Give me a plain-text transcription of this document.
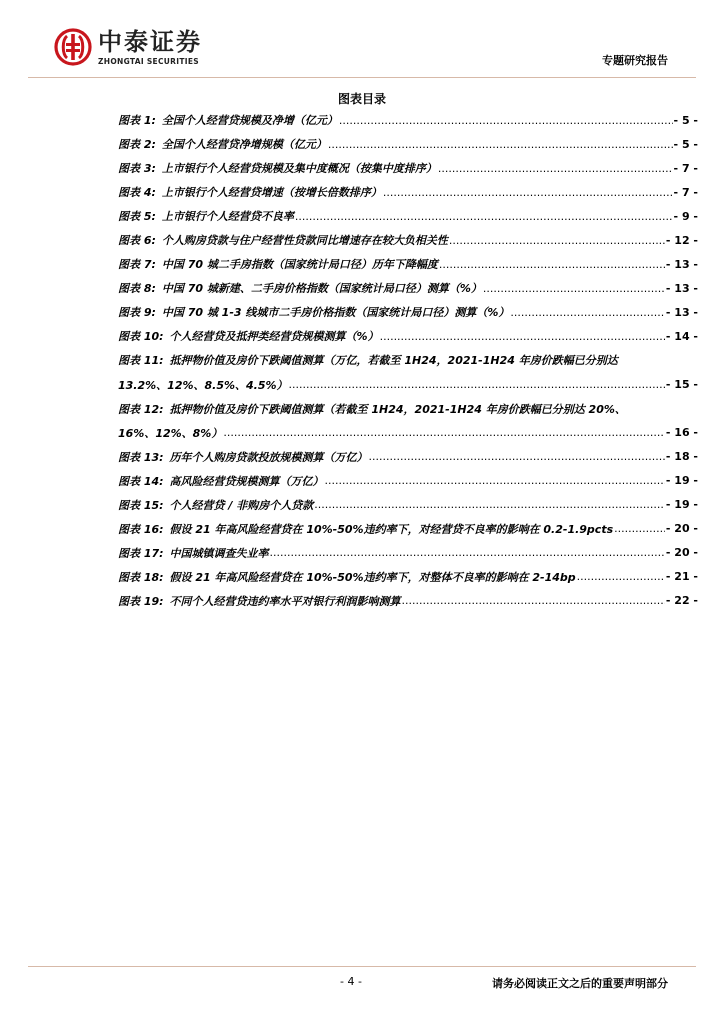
中泰证券
ZHONGTAI SECURITIES	专题研究报告
图表目录
图表 1: 全国个人经营贷规模及净增（亿元） .....	- 5 -
图表 2: 全国个人经营贷净增规模（亿元） .....	- 5 -
图表 3: 上市银行个人经营贷规模及集中度概况（按集中度排序） .....	- 7 -
图表 4: 上市银行个人经营贷增速（按增长倍数排序） .....	- 7 -
图表 5: 上市银行个人经营贷不良率 .....	- 9 -
图表 6: 个人购房贷款与住户经营性贷款同比增速存在较大负相关性 .....	- 12 -
图表 7: 中国 70 城二手房指数（国家统计局口径）历年下降幅度 .....	- 13 -
图表 8: 中国 70 城新建、二手房价格指数（国家统计局口径）测算（%） .....	- 13 -
图表 9: 中国 70 城 1-3 线城市二手房价格指数（国家统计局口径）测算（%） .....	- 13 -
图表 10: 个人经营贷及抵押类经营贷规模测算（%） .....	- 14 -
图表 11: 抵押物价值及房价下跌阈值测算（万亿，若截至 1H24，2021-1H24 年房价跌幅已分别达
13.2%、12%、8.5%、4.5%） .....	- 15 -
图表 12: 抵押物价值及房价下跌阈值测算（若截至 1H24，2021-1H24 年房价跌幅已分别达 20%、
16%、12%、8%） .....	- 16 -
图表 13: 历年个人购房贷款投放规模测算（万亿） .....	- 18 -
图表 14: 高风险经营贷规模测算（万亿） .....	- 19 -
图表 15: 个人经营贷 / 非购房个人贷款 .....	- 19 -
图表 16: 假设 21 年高风险经营贷在 10%-50%违约率下，对经营贷不良率的影响在 0.2-1.9pcts .....	- 20 -
图表 17: 中国城镇调查失业率 .....	- 20 -
图表 18: 假设 21 年高风险经营贷在 10%-50%违约率下，对整体不良率的影响在 2-14bp .....	- 21 -
图表 19: 不同个人经营贷违约率水平对银行利润影响测算 .....	- 22 -
- 4 -	请务必阅读正文之后的重要声明部分
